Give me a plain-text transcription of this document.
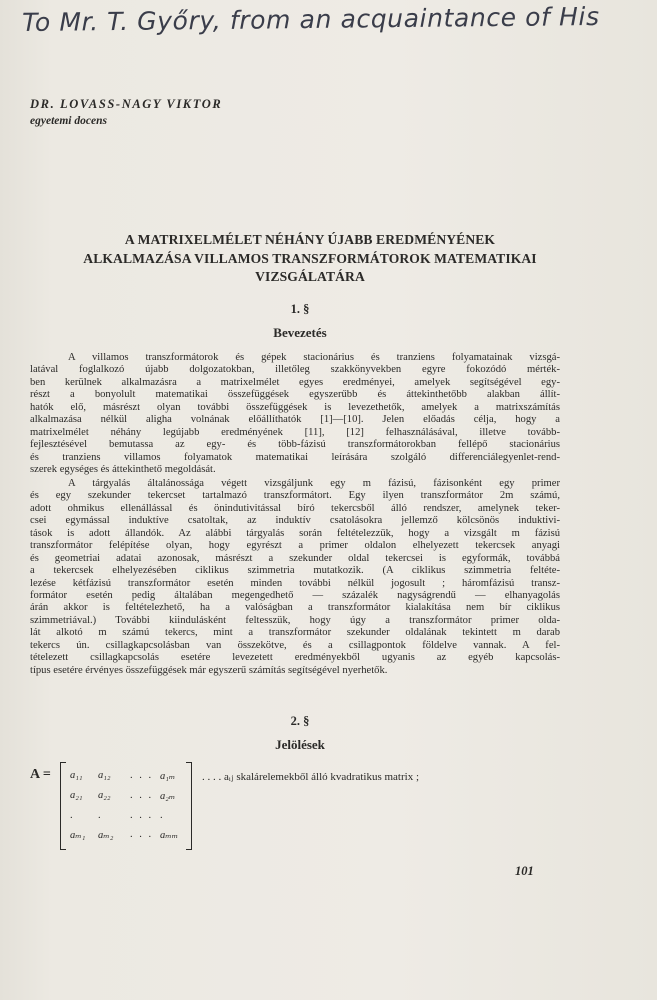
To Mr. T. Győry, from an acquaintance of His
DR. LOVASS-NAGY VIKTOR
egyetemi docens
A MATRIXELMÉLET NÉHÁNY ÚJABB EREDMÉNYÉNEK
ALKALMAZÁSA VILLAMOS TRANSZFORMÁTOROK MATEMATIKAI
VIZSGÁLATÁRA
1. §
Bevezetés
A villamos transzformátorok és gépek stacionárius és tranziens folyamatainak vizsgá-
latával foglalkozó újabb dolgozatokban, illetőleg szakkönyvekben egyre fokozódó mérték-
ben kerülnek alkalmazásra a matrixelmélet egyes eredményei, amelyek segítségével egy-
részt a bonyolult matematikai összefüggések egyszerűbb és áttekinthetőbb alakban állít-
hatók elő, másrészt olyan további összefüggések is levezethetők, amelyek a matrixszámítás
alkalmazása nélkül aligha volnának előállíthatók [1]—[10]. Jelen előadás célja, hogy a
matrixelmélet néhány legújabb eredményének [11], [12] felhasználásával, illetve tovább-
fejlesztésével bemutassa az egy- és több-fázisú transzformátorokban fellépő stacionárius
és tranziens villamos folyamatok matematikai leírására szolgáló differenciálegyenlet-rend-
szerek egységes és áttekinthető megoldását.
A tárgyalás általánossága végett vizsgáljunk egy m fázisú, fázisonként egy primer
és egy szekunder tekercset tartalmazó transzformátort. Egy ilyen transzformátor 2m számú,
adott ohmikus ellenállással és önindutivitással bíró tekercsből álló rendszer, amelynek teker-
csei egymással induktíve csatoltak, az induktív csatolásokra jellemző kölcsönös induktivi-
tások is adott állandók. Az alábbi tárgyalás során feltételezzük, hogy a vizsgált m fázisú
transzformátor felépítése olyan, hogy egyrészt a primer oldalon elhelyezett tekercsek anyagi
és geometriai adatai azonosak, másrészt a szekunder oldal tekercsei is egyformák, továbbá
a tekercsek elhelyezésében ciklikus szimmetria mutatkozik. (A ciklikus szimmetria feltéte-
lezése kétfázisú transzformátor esetén minden további nélkül jogosult ; háromfázisú transz-
formátor esetén pedig általában megengedhető — százalék nagyságrendű — elhanyagolás
árán akkor is feltételezhető, ha a valóságban a transzformátor kialakítása nem bír ciklikus
szimmetriával.) További kiindulásként feltesszük, hogy úgy a transzformátor primer olda-
lát alkotó m számú tekercs, mint a transzformátor szekunder oldalának tekintett m darab
tekercs ún. csillagkapcsolásban van összekötve, és a csillagpontok földelve vannak. A fel-
tételezett csillagkapcsolás esetére levezetett eredményekből ugyanis az egyéb kapcsolás-
típus esetére érvényes összefüggések már egyszerű számítás segítségével nyerhetők.
2. §
Jelölések
A = a₁₁ a₁₂ . . . a₁ₘ
a₂₁ a₂₂ . . . a₂ₘ
. .	. . . .
aₘ₁ aₘ₂ . . . aₘₘ
. . . . aᵢⱼ skalárelemekből álló kvadratikus matrix ;
101
